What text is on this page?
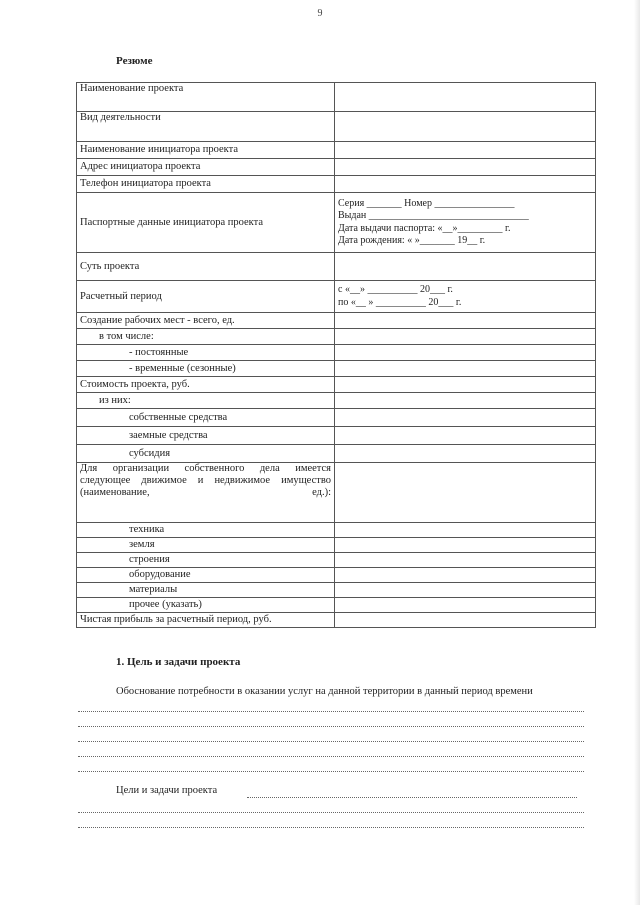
9
Резюме
Наименование проекта	
Вид деятельности	
Наименование инициатора проекта	
Адрес инициатора проекта	
Телефон инициатора проекта	
Паспортные данные инициатора проекта	Серия _______ Номер ________________
Выдан ________________________________
Дата выдачи паспорта: «__»_________ г.
Дата рождения: « »_______ 19__ г.

Суть проекта	
Расчетный период	с «__» __________ 20___ г.
по «__ » __________ 20___ г.

Создание рабочих мест - всего, ед.	
в том числе:	
- постоянные	
- временные (сезонные)	
Стоимость проекта, руб.	
из них:	
собственные средства	
заемные средства	
субсидия	
Для организации собственного дела имеется следующее движимое и недвижимое имущество (наименование, ед.):	
техника	
земля	
строения	
оборудование	
материалы	
прочее (указать)	
Чистая прибыль за расчетный период, руб.	
1. Цель и задачи проекта
Обоснование потребности в оказании услуг на данной территории в данный период времени
Цели и задачи проекта
